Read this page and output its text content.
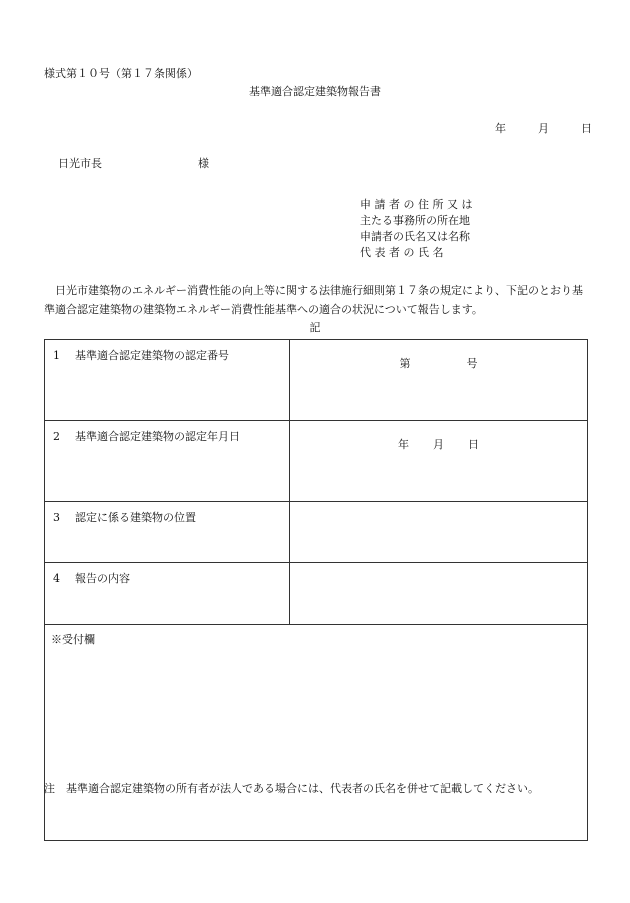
様式第１０号（第１７条関係）
基準適合認定建築物報告書
年	月	日
日光市長	様
申 請 者 の 住 所 又 は
主たる事務所の所在地
申請者の氏名又は名称
代 表 者 の 氏 名
日光市建築物のエネルギー消費性能の向上等に関する法律施行細則第１７条の規定により、下記のとおり基準適合認定建築物の建築物エネルギー消費性能基準への適合の状況について報告します。
記
1 基準適合認定建築物の認定番号	第 号
2 基準適合認定建築物の認定年月日	年 月 日
3 認定に係る建築物の位置	
4 報告の内容	
※受付欄	
注　基準適合認定建築物の所有者が法人である場合には、代表者の氏名を併せて記載してください。
